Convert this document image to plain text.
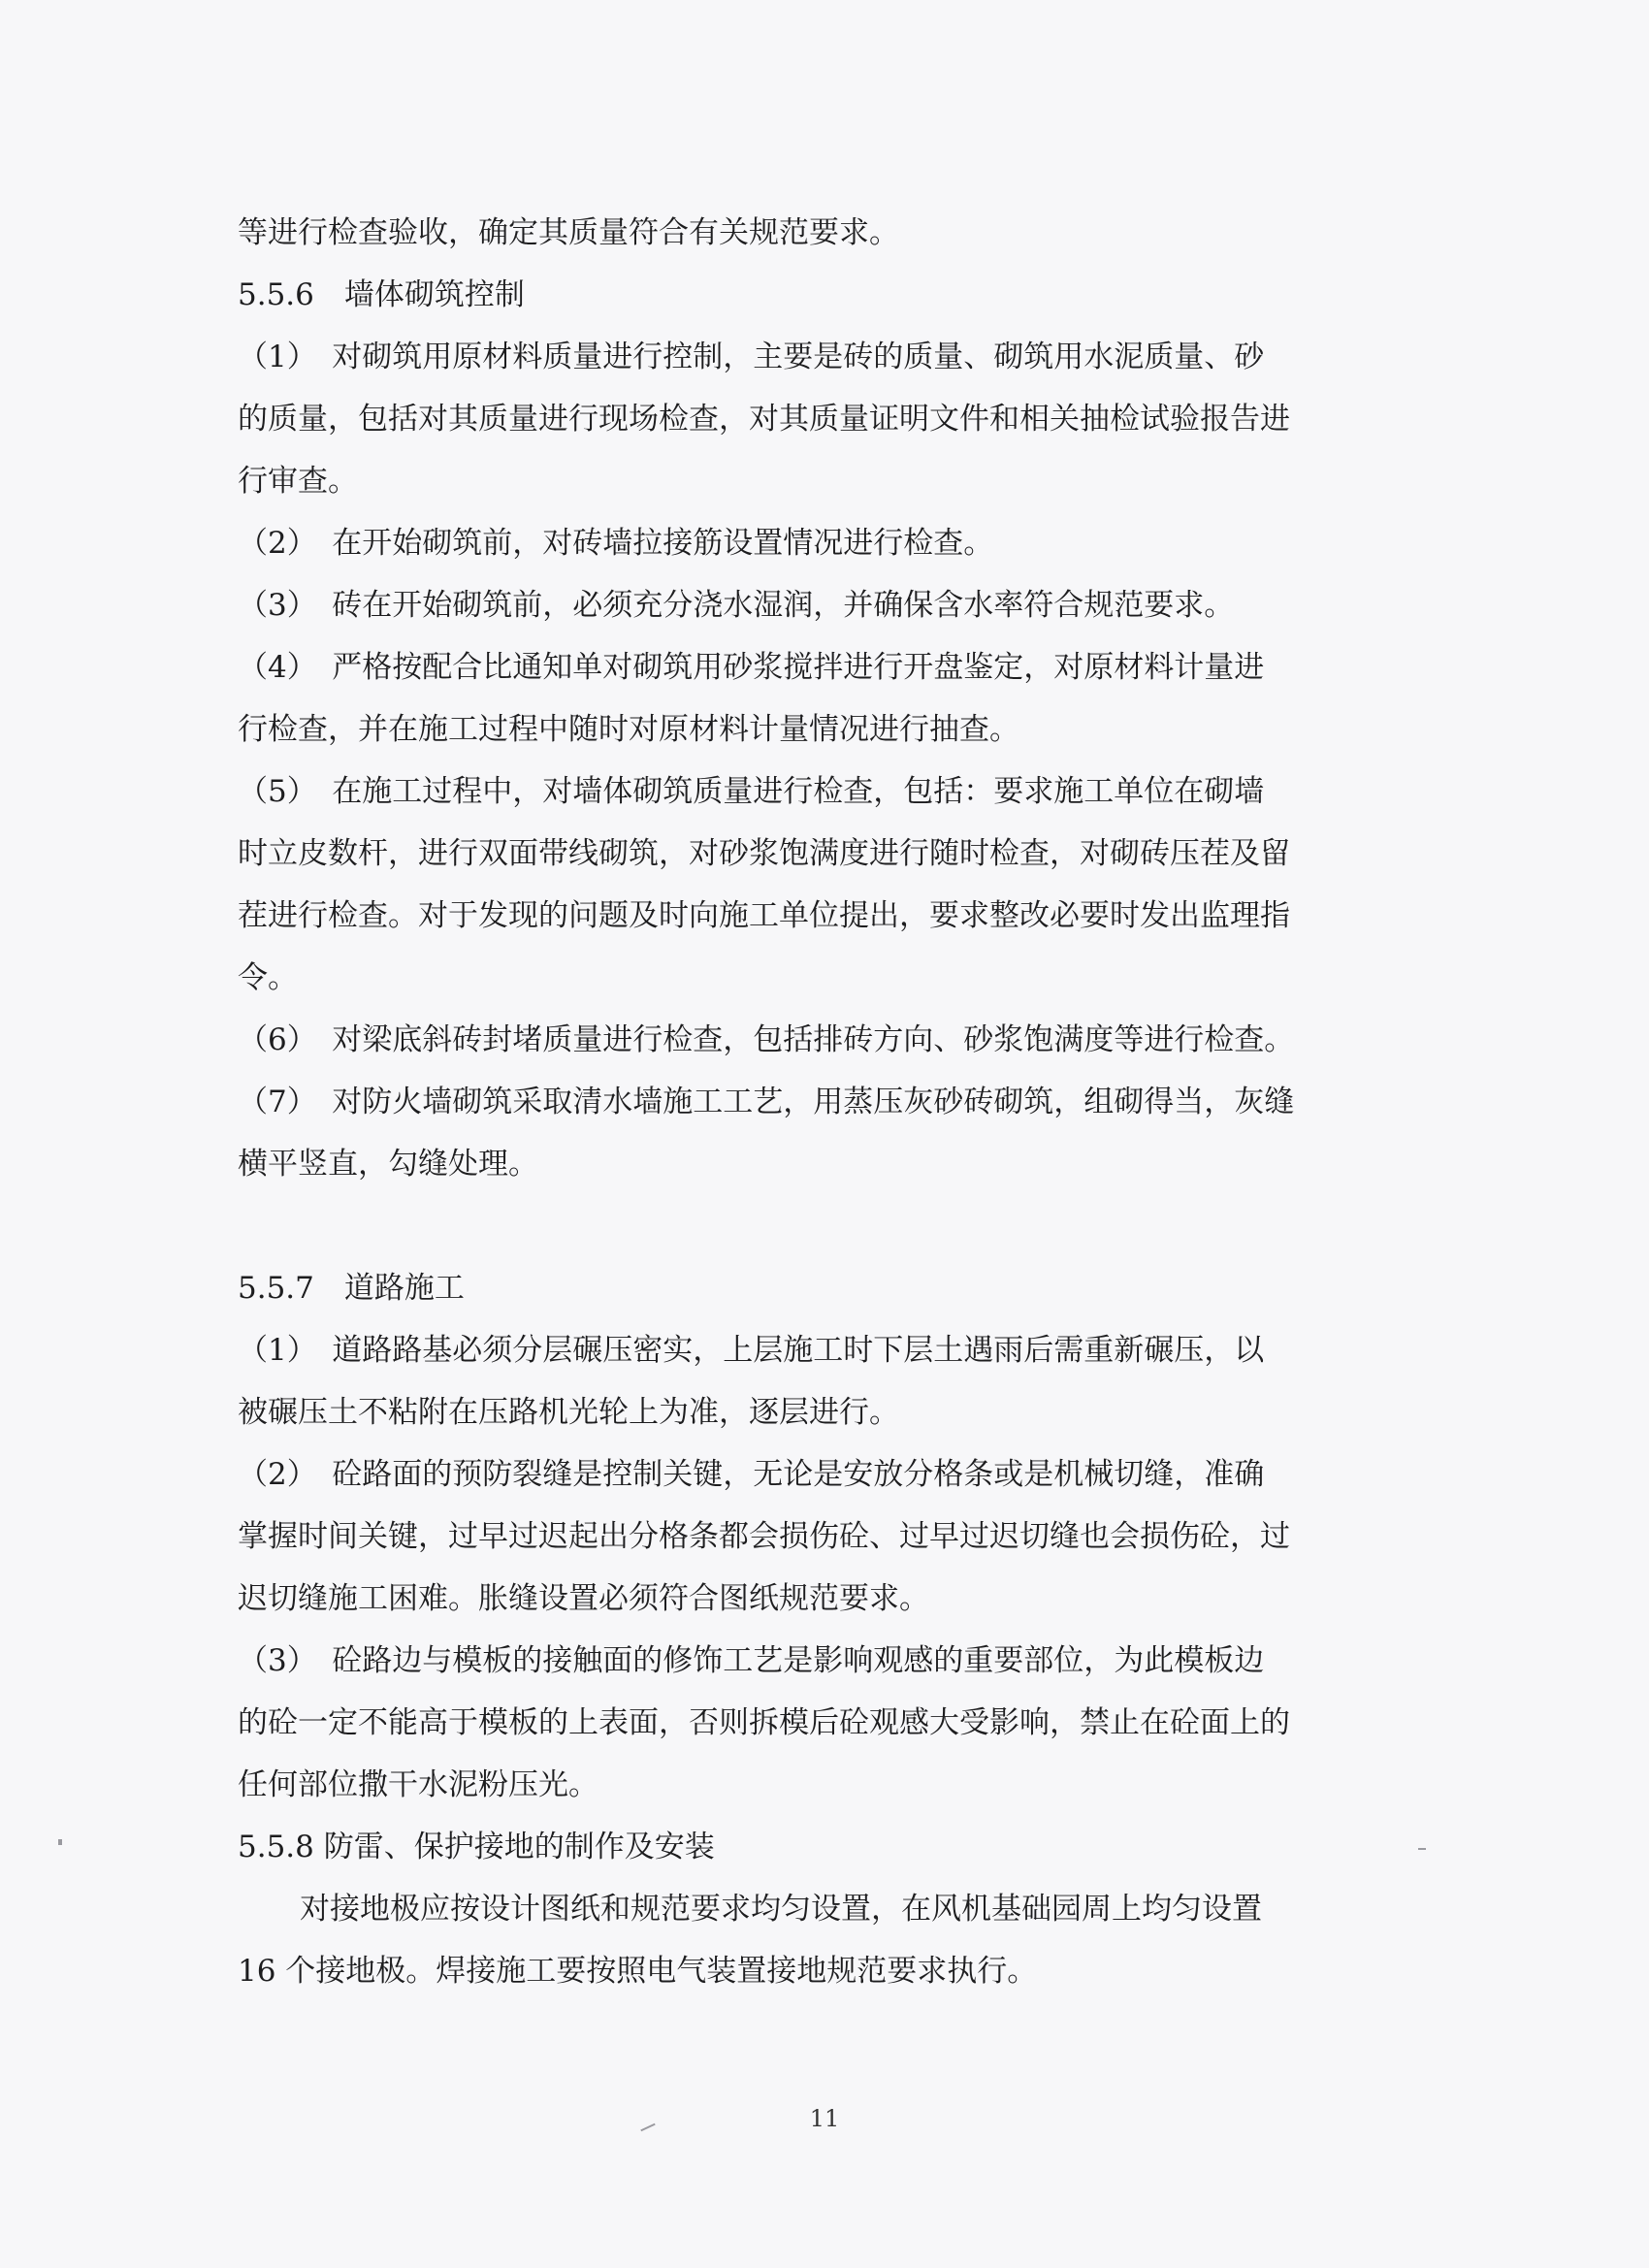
等进行检查验收，确定其质量符合有关规范要求。
5.5.6　墙体砌筑控制
（1）　对砌筑用原材料质量进行控制，主要是砖的质量、砌筑用水泥质量、砂
的质量，包括对其质量进行现场检查，对其质量证明文件和相关抽检试验报告进
行审查。
（2）　在开始砌筑前，对砖墙拉接筋设置情况进行检查。
（3）　砖在开始砌筑前，必须充分浇水湿润，并确保含水率符合规范要求。
（4）　严格按配合比通知单对砌筑用砂浆搅拌进行开盘鉴定，对原材料计量进
行检查，并在施工过程中随时对原材料计量情况进行抽查。
（5）　在施工过程中，对墙体砌筑质量进行检查，包括：要求施工单位在砌墙
时立皮数杆，进行双面带线砌筑，对砂浆饱满度进行随时检查，对砌砖压茬及留
茬进行检查。对于发现的问题及时向施工单位提出，要求整改必要时发出监理指
令。
（6）　对梁底斜砖封堵质量进行检查，包括排砖方向、砂浆饱满度等进行检查。
（7）　对防火墙砌筑采取清水墙施工工艺，用蒸压灰砂砖砌筑，组砌得当，灰缝
横平竖直，勾缝处理。
5.5.7　道路施工
（1）　道路路基必须分层碾压密实，上层施工时下层土遇雨后需重新碾压，以
被碾压土不粘附在压路机光轮上为准，逐层进行。
（2）　砼路面的预防裂缝是控制关键，无论是安放分格条或是机械切缝，准确
掌握时间关键，过早过迟起出分格条都会损伤砼、过早过迟切缝也会损伤砼，过
迟切缝施工困难。胀缝设置必须符合图纸规范要求。
（3）　砼路边与模板的接触面的修饰工艺是影响观感的重要部位，为此模板边
的砼一定不能高于模板的上表面，否则拆模后砼观感大受影响，禁止在砼面上的
任何部位撒干水泥粉压光。
5.5.8 防雷、保护接地的制作及安装
对接地极应按设计图纸和规范要求均匀设置，在风机基础园周上均匀设置
16 个接地极。焊接施工要按照电气装置接地规范要求执行。
11
